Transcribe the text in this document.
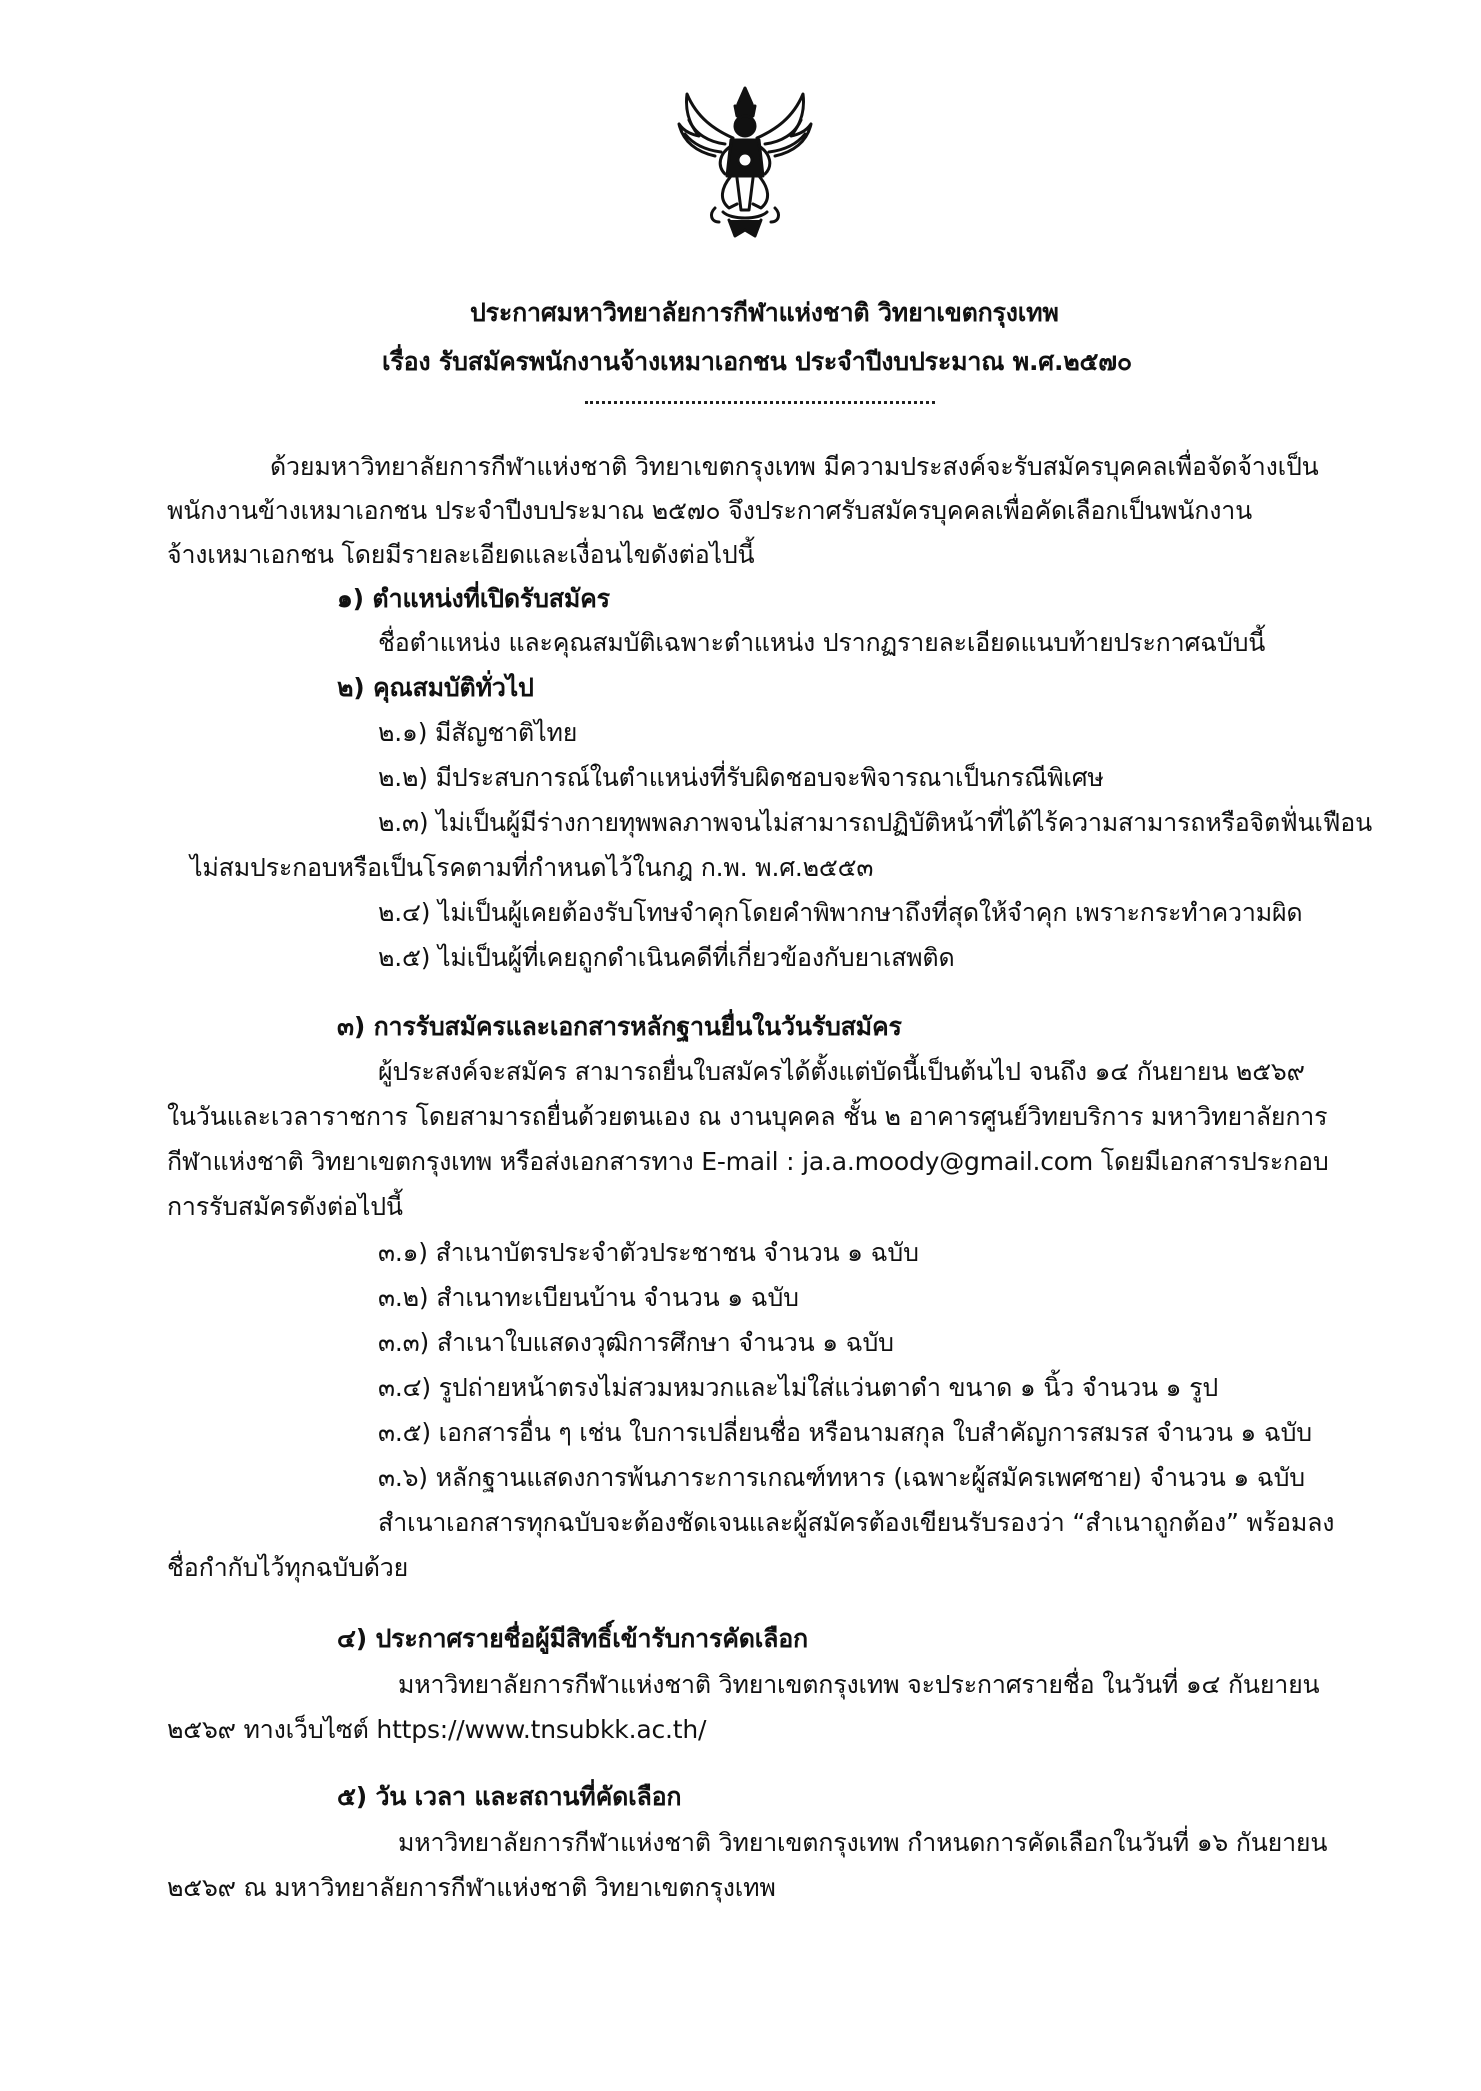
ประกาศมหาวิทยาลัยการกีฬาแห่งชาติ วิทยาเขตกรุงเทพ
เรื่อง รับสมัครพนักงานจ้างเหมาเอกชน ประจำปีงบประมาณ พ.ศ.๒๕๗๐
ด้วยมหาวิทยาลัยการกีฬาแห่งชาติ วิทยาเขตกรุงเทพ มีความประสงค์จะรับสมัครบุคคลเพื่อจัดจ้างเป็น
พนักงานข้างเหมาเอกชน ประจำปีงบประมาณ ๒๕๗๐ จึงประกาศรับสมัครบุคคลเพื่อคัดเลือกเป็นพนักงาน
จ้างเหมาเอกชน โดยมีรายละเอียดและเงื่อนไขดังต่อไปนี้
๑) ตำแหน่งที่เปิดรับสมัคร
ชื่อตำแหน่ง และคุณสมบัติเฉพาะตำแหน่ง ปรากฏรายละเอียดแนบท้ายประกาศฉบับนี้
๒) คุณสมบัติทั่วไป
๒.๑) มีสัญชาติไทย
๒.๒) มีประสบการณ์ในตำแหน่งที่รับผิดชอบจะพิจารณาเป็นกรณีพิเศษ
๒.๓) ไม่เป็นผู้มีร่างกายทุพพลภาพจนไม่สามารถปฏิบัติหน้าที่ได้ไร้ความสามารถหรือจิตฟั่นเฟือน
ไม่สมประกอบหรือเป็นโรคตามที่กำหนดไว้ในกฎ ก.พ. พ.ศ.๒๕๕๓
๒.๔) ไม่เป็นผู้เคยต้องรับโทษจำคุกโดยคำพิพากษาถึงที่สุดให้จำคุก เพราะกระทำความผิด
๒.๕) ไม่เป็นผู้ที่เคยถูกดำเนินคดีที่เกี่ยวข้องกับยาเสพติด
๓) การรับสมัครและเอกสารหลักฐานยื่นในวันรับสมัคร
ผู้ประสงค์จะสมัคร สามารถยื่นใบสมัครได้ตั้งแต่บัดนี้เป็นต้นไป จนถึง ๑๔ กันยายน ๒๕๖๙
ในวันและเวลาราชการ โดยสามารถยื่นด้วยตนเอง ณ งานบุคคล ชั้น ๒ อาคารศูนย์วิทยบริการ มหาวิทยาลัยการ
กีฬาแห่งชาติ วิทยาเขตกรุงเทพ หรือส่งเอกสารทาง E-mail : ja.a.moody@gmail.com โดยมีเอกสารประกอบ
การรับสมัครดังต่อไปนี้
๓.๑) สำเนาบัตรประจำตัวประชาชน จำนวน ๑ ฉบับ
๓.๒) สำเนาทะเบียนบ้าน จำนวน ๑ ฉบับ
๓.๓) สำเนาใบแสดงวุฒิการศึกษา จำนวน ๑ ฉบับ
๓.๔) รูปถ่ายหน้าตรงไม่สวมหมวกและไม่ใส่แว่นตาดำ ขนาด ๑ นิ้ว จำนวน ๑ รูป
๓.๕) เอกสารอื่น ๆ เช่น ใบการเปลี่ยนชื่อ หรือนามสกุล ใบสำคัญการสมรส จำนวน ๑ ฉบับ
๓.๖) หลักฐานแสดงการพ้นภาระการเกณฑ์ทหาร (เฉพาะผู้สมัครเพศชาย) จำนวน ๑ ฉบับ
สำเนาเอกสารทุกฉบับจะต้องชัดเจนและผู้สมัครต้องเขียนรับรองว่า “สำเนาถูกต้อง” พร้อมลง
ชื่อกำกับไว้ทุกฉบับด้วย
๔) ประกาศรายชื่อผู้มีสิทธิ์เข้ารับการคัดเลือก
มหาวิทยาลัยการกีฬาแห่งชาติ วิทยาเขตกรุงเทพ จะประกาศรายชื่อ ในวันที่ ๑๔ กันยายน
๒๕๖๙ ทางเว็บไซต์ https://www.tnsubkk.ac.th/
๕) วัน เวลา และสถานที่คัดเลือก
มหาวิทยาลัยการกีฬาแห่งชาติ วิทยาเขตกรุงเทพ กำหนดการคัดเลือกในวันที่ ๑๖ กันยายน
๒๕๖๙ ณ มหาวิทยาลัยการกีฬาแห่งชาติ วิทยาเขตกรุงเทพ
